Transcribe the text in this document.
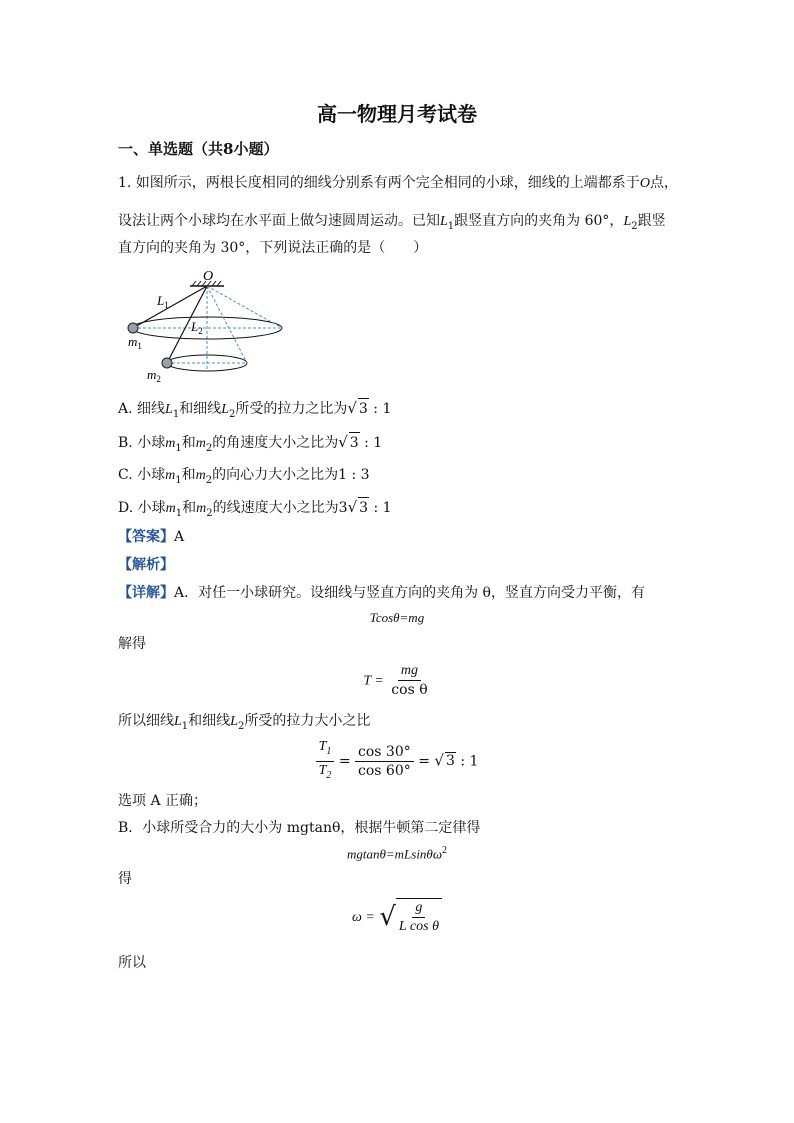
高一物理月考试卷
一、单选题（共8小题）
1. 如图所示，两根长度相同的细线分别系有两个完全相同的小球，细线的上端都系于O点，
设法让两个小球均在水平面上做匀速圆周运动。已知$L_1$跟竖直方向的夹角为 60°，$L_2$跟竖
直方向的夹角为 30°，下列说法正确的是（　　）
O
$L_1$
$L_2$
$m_1$
$m_2$
A. 细线$L_1$和细线$L_2$所受的拉力之比为√ 3 : 1
B. 小球$m_1$和$m_2$的角速度大小之比为√ 3 : 1
C. 小球$m_1$和$m_2$的向心力大小之比为1 : 3
D. 小球$m_1$和$m_2$的线速度大小之比为3√ 3 : 1
【答案】A
【解析】
【详解】A．对任一小球研究。设细线与竖直方向的夹角为 θ，竖直方向受力平衡，有
Tcosθ=mg
解得
$T = \frac{mg}{\text{cos θ}}$
所以细线$L_1$和细线$L_2$所受的拉力大小之比
$\frac{T_1}{T_2} = \frac{\cos 30^\circ}{\cos 60^\circ}$ = √ 3 : 1
选项 A 正确；
B．小球所受合力的大小为 mgtanθ，根据牛顿第二定律得
mgtanθ=mLsinθω$^2$
得
ω = √ $\frac{g}{\text{L cos θ}}$
所以
